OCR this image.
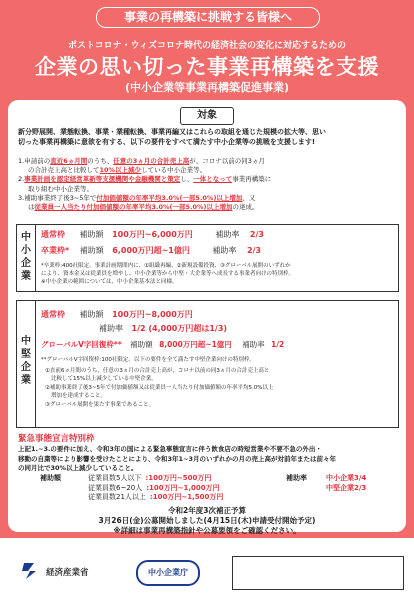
事業の再構築に挑戦する皆様へ
ポストコロナ・ウィズコロナ時代の経済社会の変化に対応するための
企業の思い切った事業再構築を支援
(中小企業等事業再構築促進事業)
対象
新分野展開、業態転換、事業・業種転換、事業再編又はこれらの取組を通じた規模の拡大等、思い
切った事業再構築に意欲を有する、以下の要件をすべて満たす中小企業等の挑戦を支援します!
1.申請前の直近6ヵ月間のうち、任意の3ヵ月の合計売上高が、コロナ以前の同3ヵ月
の合計売上高と比較して10%以上減少している中小企業等。
2.事業計画を認定経営革新等支援機関や金融機関と策定し、一体となって事業再構築に
取り組む中小企業等。
3.補助事業終了後3~5年で付加価値額の年率平均3.0%(一部5.0%)以上増加、又
は従業員一人当たり付加価値額の年率平均3.0%(一部5.0%)以上増加の達成。
中小企業
通常枠 補助額 100万円~6,000万円	補助率 2/3
卒業枠* 補助額 6,000万円超~1億円	補助率 2/3
*卒業枠:400社限定。事業計画期間内に、①組織再編、②新規設備投資、③グローバル展開のいずれか
により、資本金又は従業員を増やし、中小企業等から中堅・大企業等へ成長する事業者向けの特別枠。
※中小企業の範囲については、中小企業基本法と同様。
中堅企業
通常枠 補助額 100万円~8,000万円
補助率 1/2 (4,000万円超は1/3)
グローバルV字回復枠** 補助額 8,000万円超~1億円 補助率 1/2
**グローバルV字回復枠:100社限定。以下の要件を全て満たす中堅企業向けの特別枠。
①直前6ヵ月間のうち、任意の3ヵ月の合計売上高が、コロナ以前の同3ヵ月の合計売上高と
比較して15%以上減少している中堅企業。
②補助事業終了後3~5年で付加価値額又は従業員一人当たり付加価値額の年率平均5.0%以上
増加を達成すること。
③グローバル展開を果たす事業であること。
緊急事態宣言特別枠
上記1.~3.の要件に加え、令和3年の国による緊急事態宣言に伴う飲食店の時短営業や不要不急の外出・
移動の自粛等により影響を受けたことにより、令和3年1~3月のいずれかの月の売上高が対前年または前々年
の同月比で30%以上減少していること。
補助額	従業員数5人以下 :100万円~500万円
従業員数6~20人 :100万円~1,000万円
従業員数21人以上 :100万円~1,500万円
補助率	中小企業3/4
中堅企業2/3
令和2年度3次補正予算
3月26日(金)公募開始しました(4月15日(木)申請受付開始予定)
※詳細は事業再構築指針や公募要領をご確認ください。
経済産業省	中小企業庁
